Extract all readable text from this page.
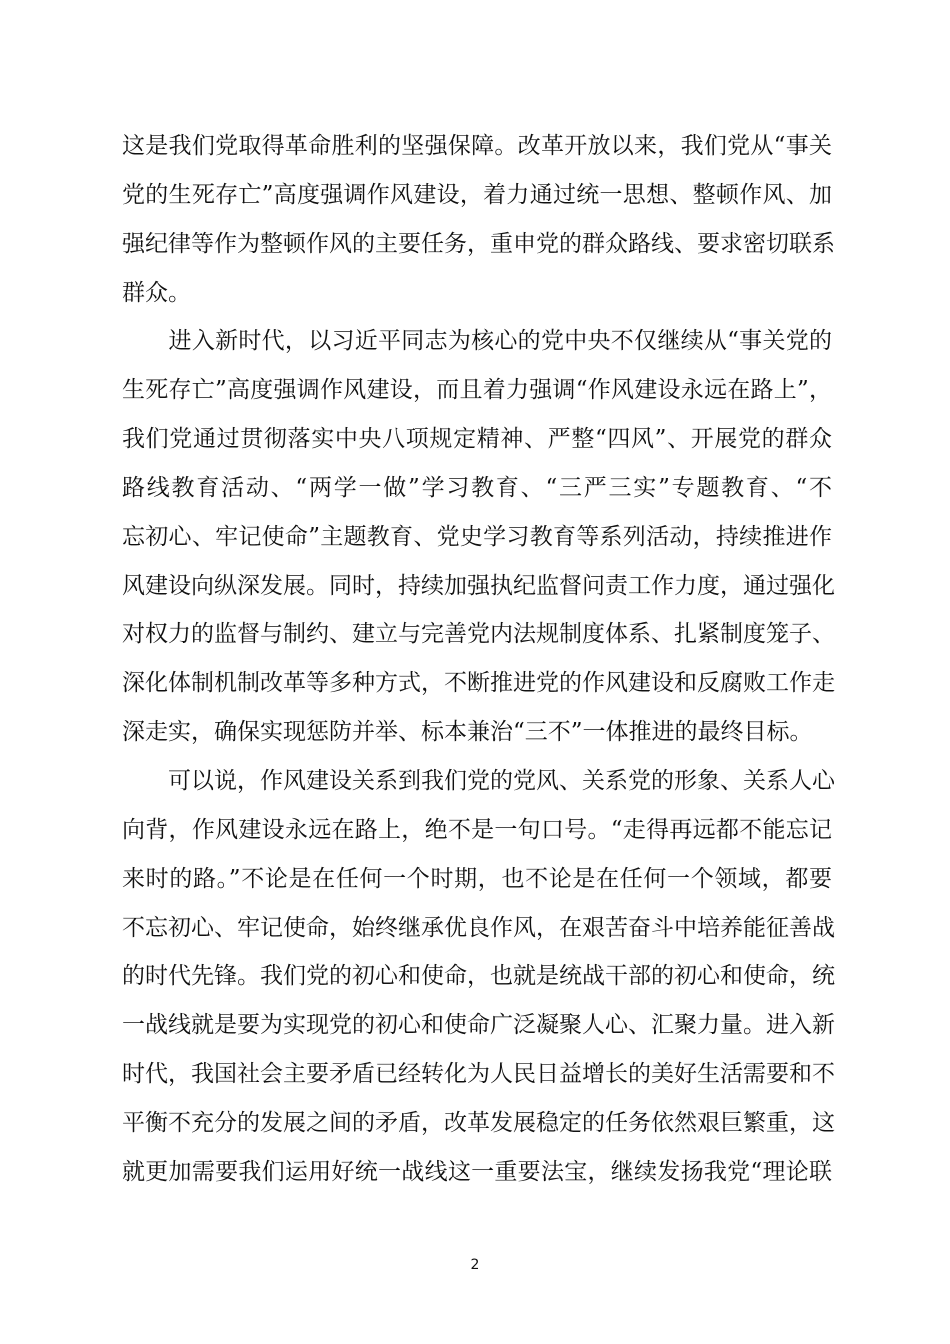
这是我们党取得革命胜利的坚强保障。改革开放以来，我们党从“事关
党的生死存亡”高度强调作风建设，着力通过统一思想、整顿作风、加
强纪律等作为整顿作风的主要任务，重申党的群众路线、要求密切联系
群众。
　　进入新时代，以习近平同志为核心的党中央不仅继续从“事关党的
生死存亡”高度强调作风建设，而且着力强调“作风建设永远在路上”，
我们党通过贯彻落实中央八项规定精神、严整“四风”、开展党的群众
路线教育活动、“两学一做”学习教育、“三严三实”专题教育、“不
忘初心、牢记使命”主题教育、党史学习教育等系列活动，持续推进作
风建设向纵深发展。同时，持续加强执纪监督问责工作力度，通过强化
对权力的监督与制约、建立与完善党内法规制度体系、扎紧制度笼子、
深化体制机制改革等多种方式，不断推进党的作风建设和反腐败工作走
深走实，确保实现惩防并举、标本兼治“三不”一体推进的最终目标。
　　可以说，作风建设关系到我们党的党风、关系党的形象、关系人心
向背，作风建设永远在路上，绝不是一句口号。“走得再远都不能忘记
来时的路。”不论是在任何一个时期，也不论是在任何一个领域，都要
不忘初心、牢记使命，始终继承优良作风，在艰苦奋斗中培养能征善战
的时代先锋。我们党的初心和使命，也就是统战干部的初心和使命，统
一战线就是要为实现党的初心和使命广泛凝聚人心、汇聚力量。进入新
时代，我国社会主要矛盾已经转化为人民日益增长的美好生活需要和不
平衡不充分的发展之间的矛盾，改革发展稳定的任务依然艰巨繁重，这
就更加需要我们运用好统一战线这一重要法宝，继续发扬我党“理论联
2
